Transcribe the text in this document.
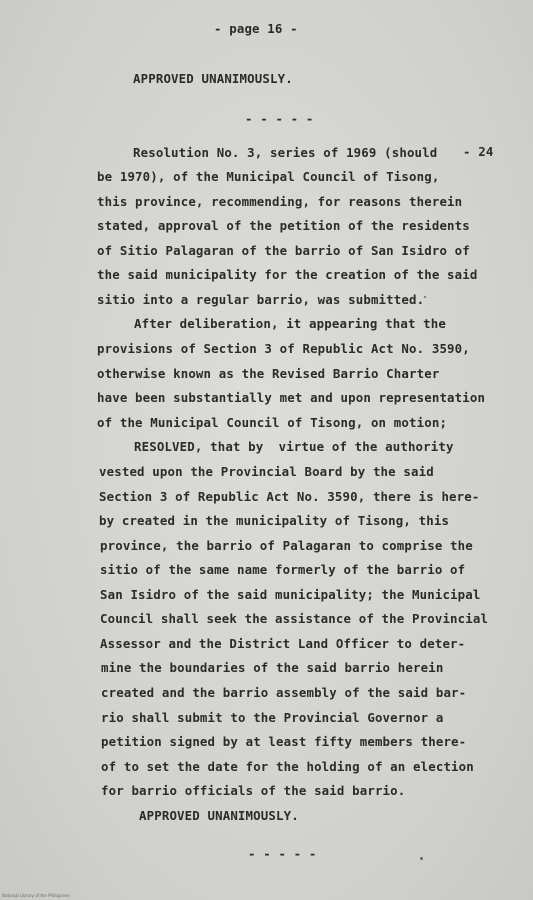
- page 16 -
APPROVED UNANIMOUSLY.
- - - - -
Resolution No. 3, series of 1969 (should - 24
be 1970), of the Municipal Council of Tisong,
this province, recommending, for reasons therein
stated, approval of the petition of the residents
of Sitio Palagaran of the barrio of San Isidro of
the said municipality for the creation of the said
sitio into a regular barrio, was submitted.
After deliberation, it appearing that the
provisions of Section 3 of Republic Act No. 3590,
otherwise known as the Revised Barrio Charter
have been substantially met and upon representation
of the Municipal Council of Tisong, on motion;
RESOLVED, that by  virtue of the authority
vested upon the Provincial Board by the said
Section 3 of Republic Act No. 3590, there is here-
by created in the municipality of Tisong, this
province, the barrio of Palagaran to comprise the
sitio of the same name formerly of the barrio of
San Isidro of the said municipality; the Municipal
Council shall seek the assistance of the Provincial
Assessor and the District Land Officer to deter-
mine the boundaries of the said barrio herein
created and the barrio assembly of the said bar-
rio shall submit to the Provincial Governor a
petition signed by at least fifty members there-
of to set the date for the holding of an election
for barrio officials of the said barrio.
APPROVED UNANIMOUSLY.
- - - - -
National Library of the Philippines
